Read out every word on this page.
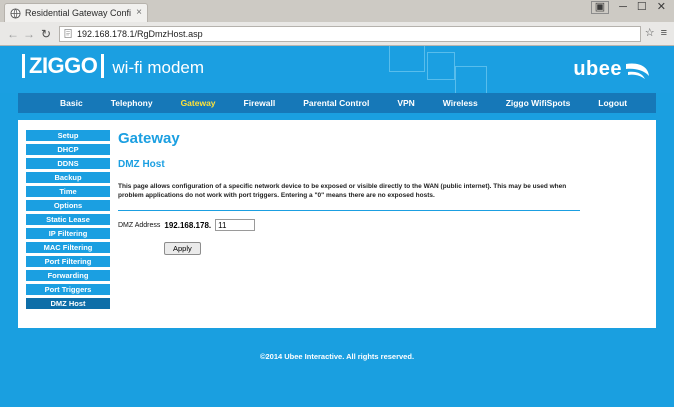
Residential Gateway Confi ×	▣	─ ☐ ✕
← → ↻	192.168.178.1/RgDmzHost.asp	☆ ≡
ZIGGO wi-fi modem	ubee
Basic	Telephony	Gateway	Firewall	Parental Control	VPN	Wireless	Ziggo WifiSpots	Logout
Setup
DHCP
DDNS
Backup
Time
Options
Static Lease
IP Filtering
MAC Filtering
Port Filtering
Forwarding
Port Triggers
DMZ Host
Gateway
DMZ Host

This page allows configuration of a specific network device to be exposed or visible directly to the WAN (public internet). This may be used when problem applications do not work with port triggers. Entering a "0" means there are no exposed hosts.

DMZ Address 192.168.178.
11
Apply
©2014 Ubee Interactive. All rights reserved.
